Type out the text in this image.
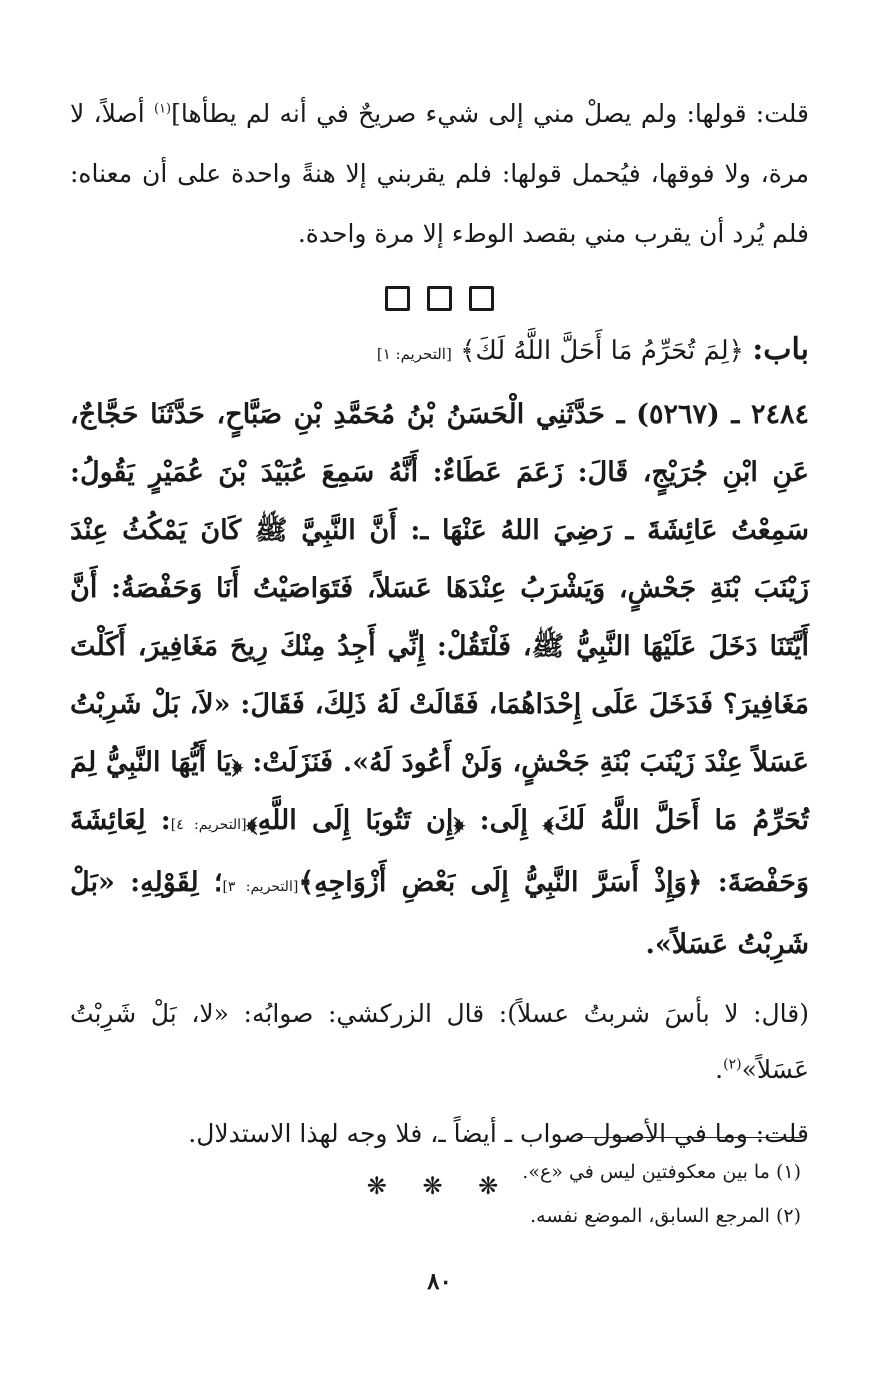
قلت: قولها: ولم يصلْ مني إلى شيء صريحٌ في أنه لم يطأها]$^{(١)}$ أصلاً، لا مرة، ولا فوقها، فيُحمل قولها: فلم يقربني إلا هنةً واحدة على أن معناه: فلم يُرد أن يقرب مني بقصد الوطء إلا مرة واحدة.

باب: ﴿لِمَ تُحَرِّمُ مَا أَحَلَّ اللَّهُ لَكَ﴾ [التحريم: ١]

٢٤٨٤ ـ (٥٢٦٧) ـ حَدَّثَنِي الْحَسَنُ بْنُ مُحَمَّدِ بْنِ صَبَّاحٍ، حَدَّثَنَا حَجَّاجٌ، عَنِ ابْنِ جُرَيْجٍ، قَالَ: زَعَمَ عَطَاءٌ: أَنَّهُ سَمِعَ عُبَيْدَ بْنَ عُمَيْرٍ يَقُولُ: سَمِعْتُ عَائِشَةَ ـ رَضِيَ اللهُ عَنْهَا ـ: أَنَّ النَّبِيَّ ﷺ كَانَ يَمْكُثُ عِنْدَ زَيْنَبَ بْنَةِ جَحْشٍ، وَيَشْرَبُ عِنْدَهَا عَسَلاً، فَتَوَاصَيْتُ أَنَا وَحَفْصَةُ: أَنَّ أَيَّتَنَا دَخَلَ عَلَيْهَا النَّبِيُّ ﷺ، فَلْتَقُلْ: إِنِّي أَجِدُ مِنْكَ رِيحَ مَغَافِيرَ، أَكَلْتَ مَغَافِيرَ؟ فَدَخَلَ عَلَى إِحْدَاهُمَا، فَقَالَتْ لَهُ ذَلِكَ، فَقَالَ: «لاَ، بَلْ شَرِبْتُ عَسَلاً عِنْدَ زَيْنَبَ بْنَةِ جَحْشٍ، وَلَنْ أَعُودَ لَهُ». فَنَزَلَتْ: ﴿يَا أَيُّهَا النَّبِيُّ لِمَ تُحَرِّمُ مَا أَحَلَّ اللَّهُ لَكَ﴾ إِلَى: ﴿إِن تَتُوبَا إِلَى اللَّهِ﴾[التحريم: ٤]: لِعَائِشَةَ وَحَفْصَةَ: ﴿وَإِذْ أَسَرَّ النَّبِيُّ إِلَى بَعْضِ أَزْوَاجِهِ﴾[التحريم: ٣]؛ لِقَوْلِهِ: «بَلْ شَرِبْتُ عَسَلاً».

(قال: لا بأسَ شربتُ عسلاً): قال الزركشي: صوابُه: «لا، بَلْ شَرِبْتُ عَسَلاً»$^{(٢)}$.

قلت: وما في الأصول صواب ـ أيضاً ـ، فلا وجه لهذا الاستدلال.

❋ ❋ ❋ (١) ما بين معكوفتين ليس في «ع».

(٢) المرجع السابق، الموضع نفسه.

٨٠
